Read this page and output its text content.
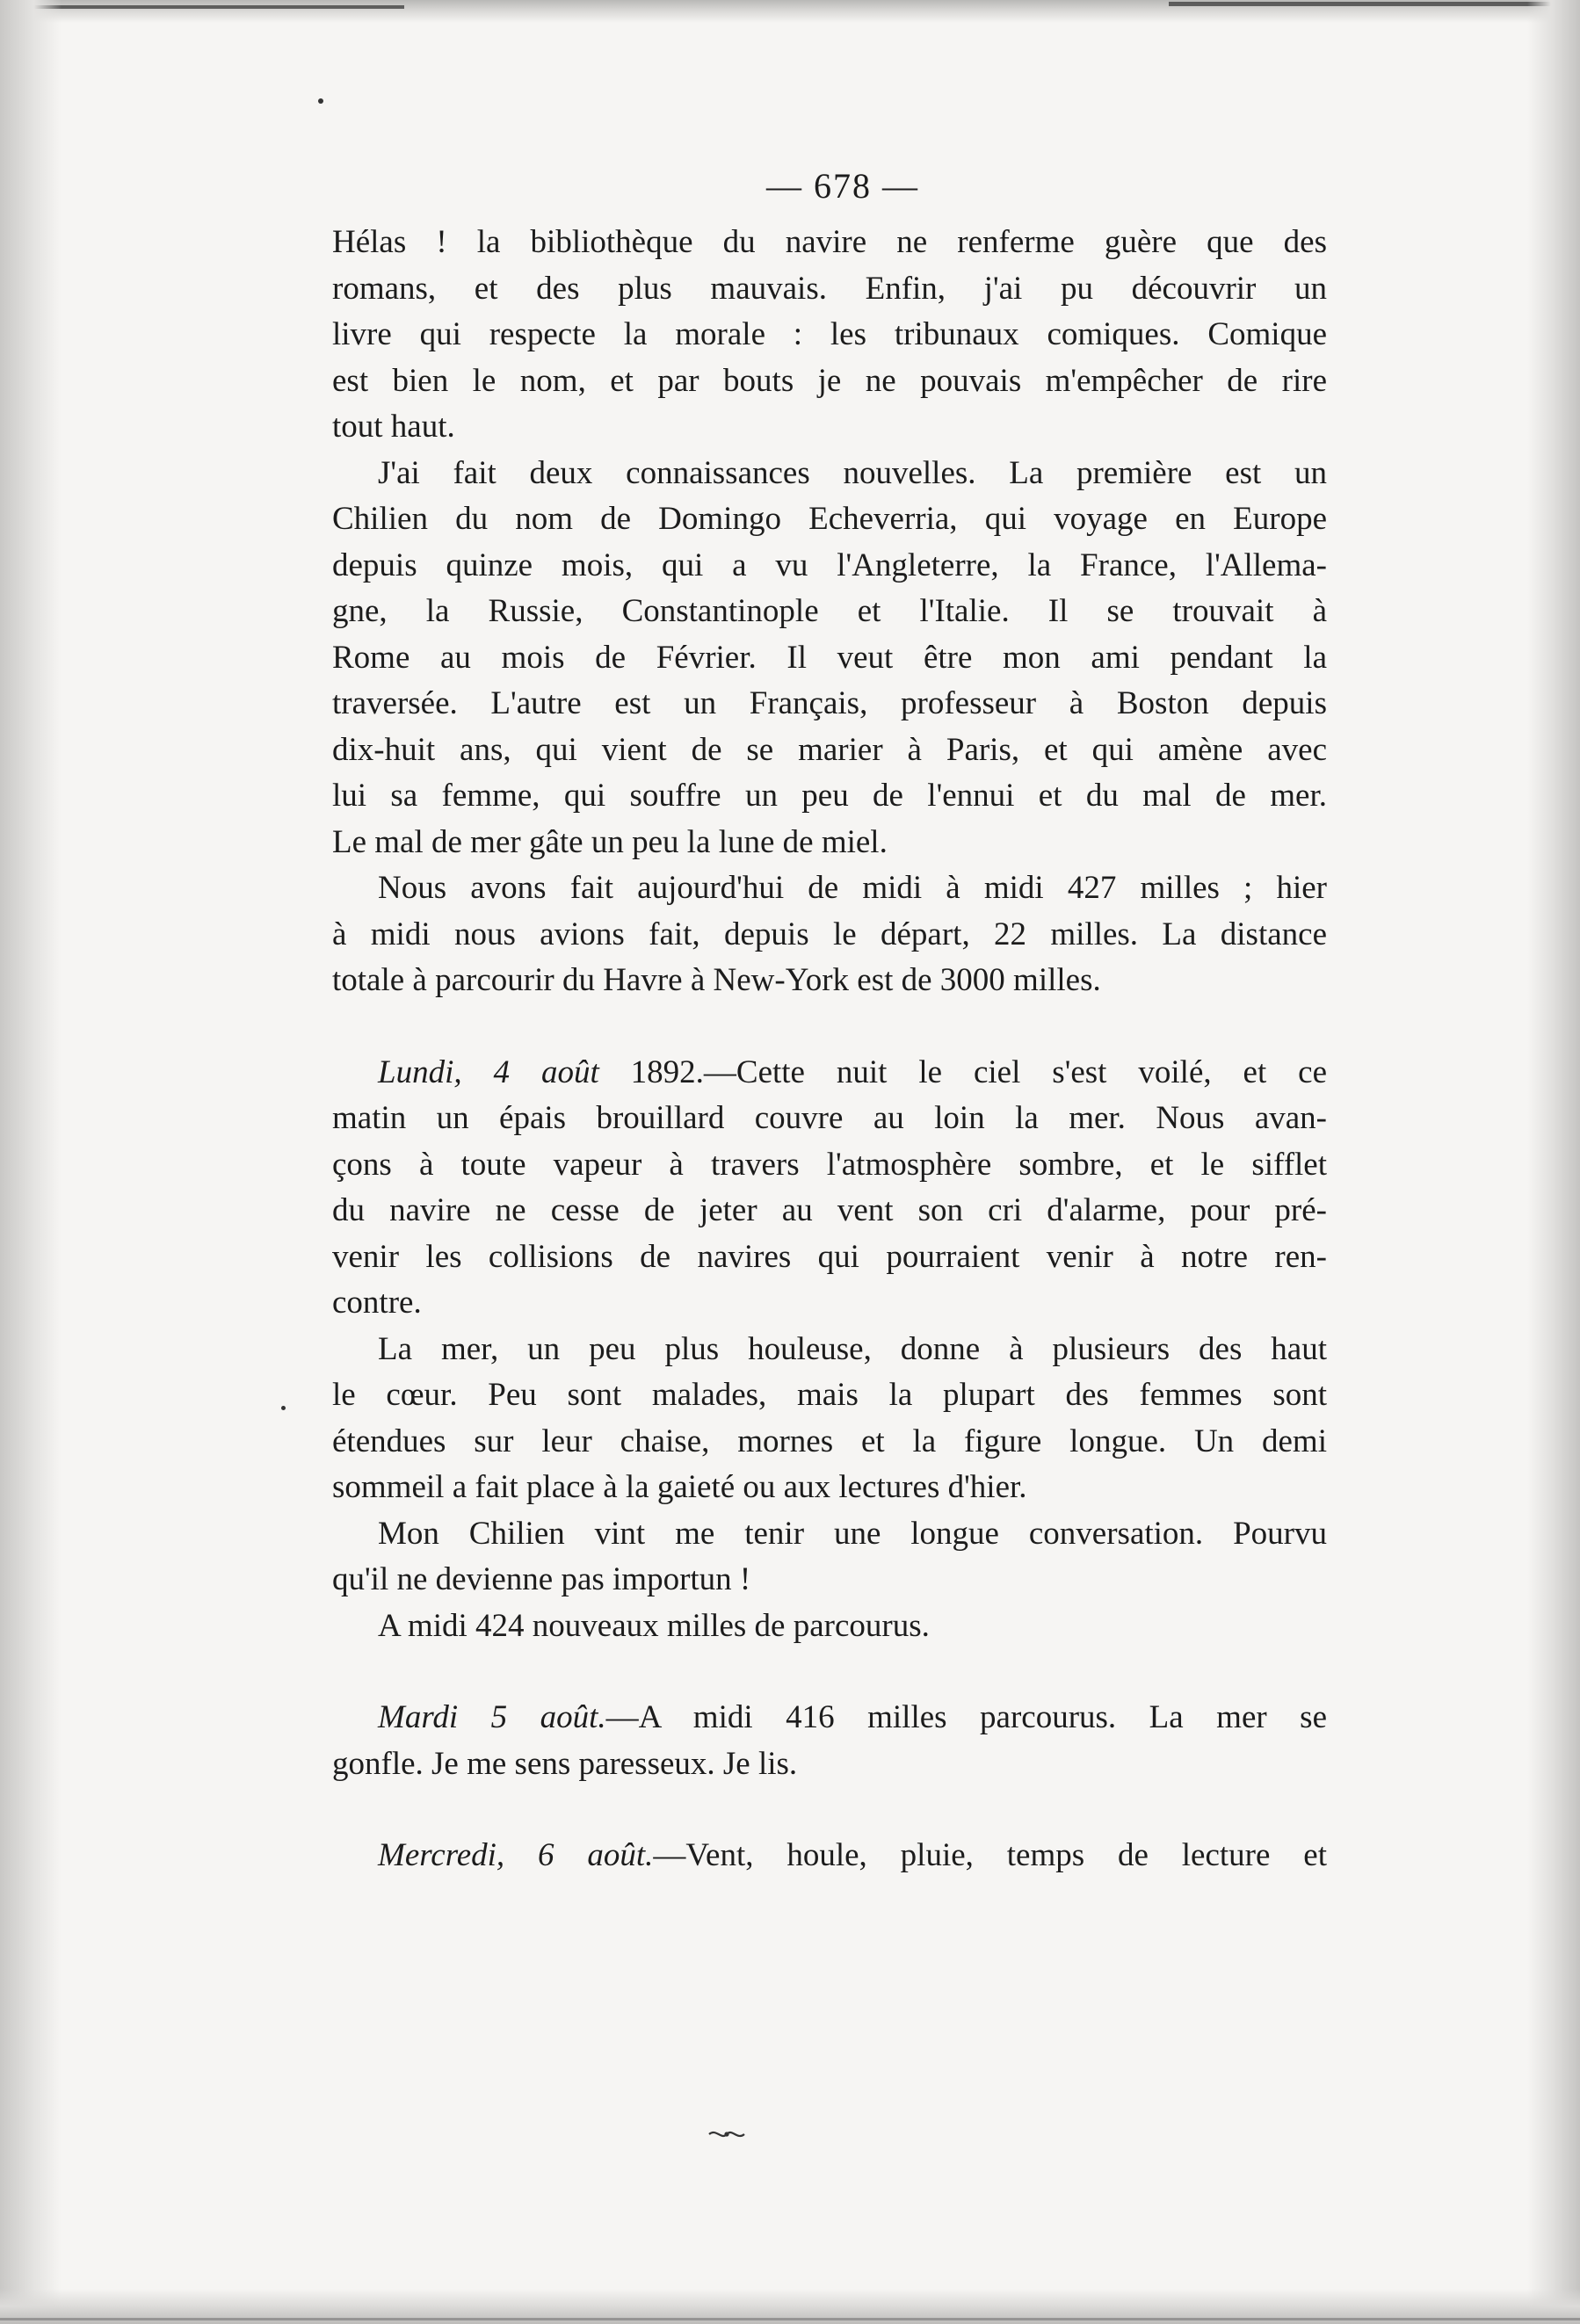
— 678 —
Hélas ! la bibliothèque du navire ne renferme guère que des
romans, et des plus mauvais. Enfin, j'ai pu découvrir un
livre qui respecte la morale : les tribunaux comiques. Comique
est bien le nom, et par bouts je ne pouvais m'empêcher de rire
tout haut.
J'ai fait deux connaissances nouvelles. La première est un
Chilien du nom de Domingo Echeverria, qui voyage en Europe
depuis quinze mois, qui a vu l'Angleterre, la France, l'Allema-
gne, la Russie, Constantinople et l'Italie. Il se trouvait à
Rome au mois de Février. Il veut être mon ami pendant la
traversée. L'autre est un Français, professeur à Boston depuis
dix-huit ans, qui vient de se marier à Paris, et qui amène avec
lui sa femme, qui souffre un peu de l'ennui et du mal de mer.
Le mal de mer gâte un peu la lune de miel.
Nous avons fait aujourd'hui de midi à midi 427 milles ; hier
à midi nous avions fait, depuis le départ, 22 milles. La distance
totale à parcourir du Havre à New-York est de 3000 milles.
Lundi, 4 août 1892.—Cette nuit le ciel s'est voilé, et ce
matin un épais brouillard couvre au loin la mer. Nous avan-
çons à toute vapeur à travers l'atmosphère sombre, et le sifflet
du navire ne cesse de jeter au vent son cri d'alarme, pour pré-
venir les collisions de navires qui pourraient venir à notre ren-
contre.
La mer, un peu plus houleuse, donne à plusieurs des haut
le cœur. Peu sont malades, mais la plupart des femmes sont
étendues sur leur chaise, mornes et la figure longue. Un demi
sommeil a fait place à la gaieté ou aux lectures d'hier.
Mon Chilien vint me tenir une longue conversation. Pourvu
qu'il ne devienne pas importun !
A midi 424 nouveaux milles de parcourus.
Mardi 5 août.—A midi 416 milles parcourus. La mer se
gonfle. Je me sens paresseux. Je lis.
Mercredi, 6 août.—Vent, houle, pluie, temps de lecture et
